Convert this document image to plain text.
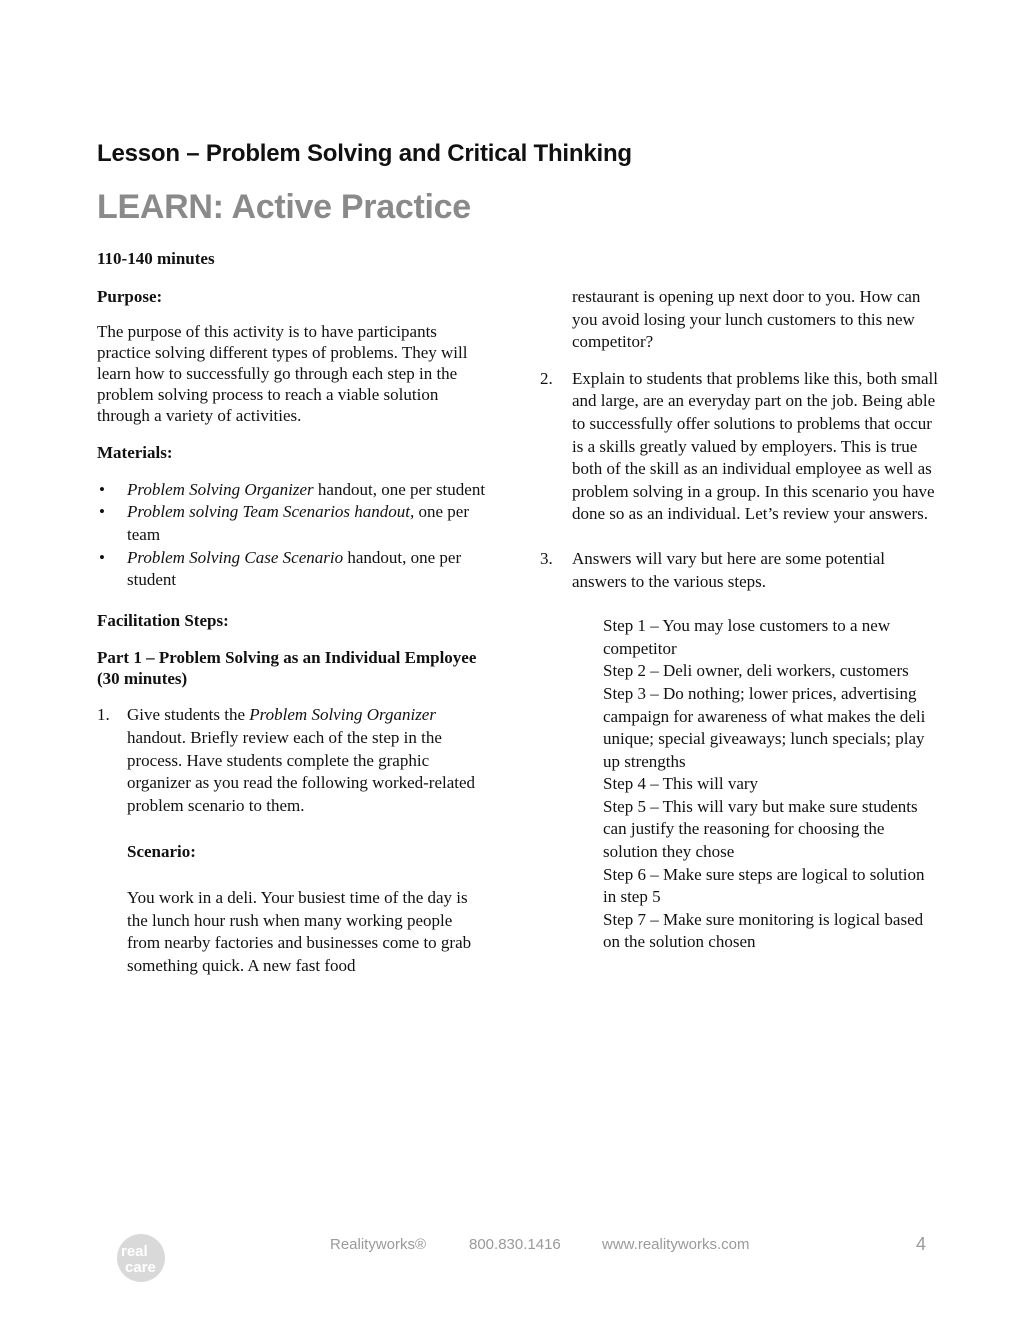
Lesson – Problem Solving and Critical Thinking
LEARN: Active Practice

110-140 minutes

Purpose:

The purpose of this activity is to have participants practice solving different types of problems. They will learn how to successfully go through each step in the problem solving process to reach a viable solution through a variety of activities.

Materials:

• Problem Solving Organizer handout, one per student
• Problem solving Team Scenarios handout, one per team
• Problem Solving Case Scenario handout, one per student

Facilitation Steps:

Part 1 – Problem Solving as an Individual Employee (30 minutes)

1. Give students the Problem Solving Organizer handout. Briefly review each of the step in the process. Have students complete the graphic organizer as you read the following worked-related problem scenario to them.

Scenario:

You work in a deli. Your busiest time of the day is the lunch hour rush when many working people from nearby factories and businesses come to grab something quick. A new fast food

restaurant is opening up next door to you. How can you avoid losing your lunch customers to this new competitor?

2. Explain to students that problems like this, both small and large, are an everyday part on the job. Being able to successfully offer solutions to problems that occur is a skills greatly valued by employers. This is true both of the skill as an individual employee as well as problem solving in a group. In this scenario you have done so as an individual. Let’s review your answers.
3. Answers will vary but here are some potential answers to the various steps.
Step 1 – You may lose customers to a new competitor
Step 2 – Deli owner, deli workers, customers
Step 3 – Do nothing; lower prices, advertising campaign for awareness of what makes the deli unique; special giveaways; lunch specials; play up strengths
Step 4 – This will vary
Step 5 – This will vary but make sure students can justify the reasoning for choosing the solution they chose
Step 6 – Make sure steps are logical to solution in step 5
Step 7 – Make sure monitoring is logical based on the solution chosen
real
care
Realityworks®	800.830.1416	www.realityworks.com	4
